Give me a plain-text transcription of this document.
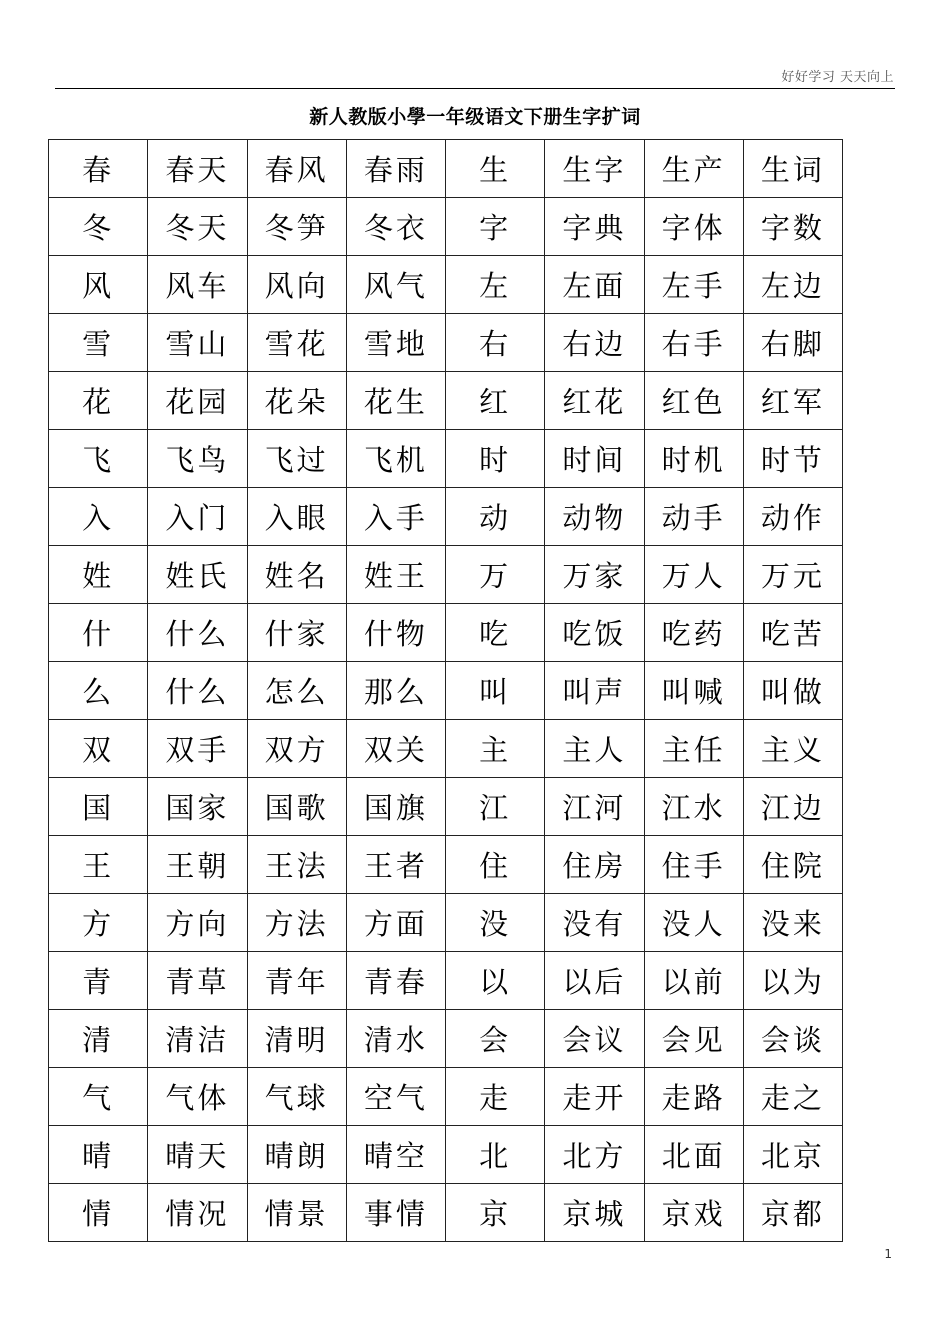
好好学习 天天向上
新人教版小學一年级语文下册生字扩词
春	春天	春风	春雨	生	生字	生产	生词
冬	冬天	冬笋	冬衣	字	字典	字体	字数
风	风车	风向	风气	左	左面	左手	左边
雪	雪山	雪花	雪地	右	右边	右手	右脚
花	花园	花朵	花生	红	红花	红色	红军
飞	飞鸟	飞过	飞机	时	时间	时机	时节
入	入门	入眼	入手	动	动物	动手	动作
姓	姓氏	姓名	姓王	万	万家	万人	万元
什	什么	什家	什物	吃	吃饭	吃药	吃苦
么	什么	怎么	那么	叫	叫声	叫喊	叫做
双	双手	双方	双关	主	主人	主任	主义
国	国家	国歌	国旗	江	江河	江水	江边
王	王朝	王法	王者	住	住房	住手	住院
方	方向	方法	方面	没	没有	没人	没来
青	青草	青年	青春	以	以后	以前	以为
清	清洁	清明	清水	会	会议	会见	会谈
气	气体	气球	空气	走	走开	走路	走之
晴	晴天	晴朗	晴空	北	北方	北面	北京
情	情况	情景	事情	京	京城	京戏	京都
1
